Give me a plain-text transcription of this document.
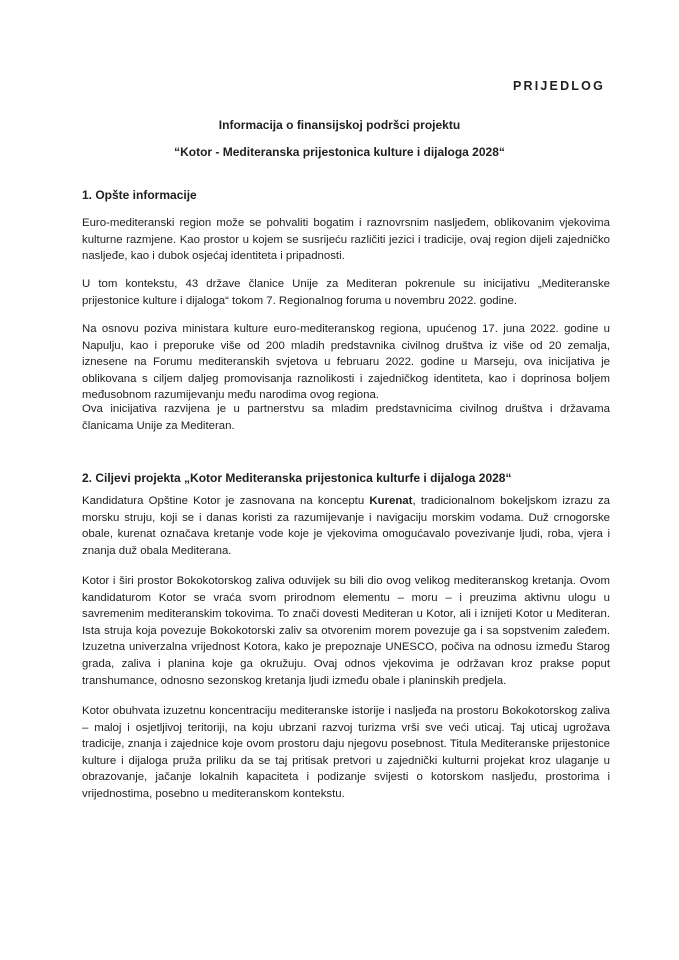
PRIJEDLOG
Informacija o finansijskoj podršci projektu
“Kotor - Mediteranska prijestonica kulture i dijaloga 2028“
1. Opšte informacije

Euro-mediteranski region može se pohvaliti bogatim i raznovrsnim nasljeđem, oblikovanim vjekovima kulturne razmjene. Kao prostor u kojem se susrijeću različiti jezici i tradicije, ovaj region dijeli zajedničko nasljeđe, kao i dubok osjećaj identiteta i pripadnosti.

U tom kontekstu, 43 države članice Unije za Mediteran pokrenule su inicijativu „Mediteranske prijestonice kulture i dijaloga“ tokom 7. Regionalnog foruma u novembru 2022. godine.

Na osnovu poziva ministara kulture euro-mediteranskog regiona, upućenog 17. juna 2022. godine u Napulju, kao i preporuke više od 200 mladih predstavnika civilnog društva iz više od 20 zemalja, iznesene na Forumu mediteranskih svjetova u februaru 2022. godine u Marseju, ova inicijativa je oblikovana s ciljem daljeg promovisanja raznolikosti i zajedničkog identiteta, kao i doprinosa boljem međusobnom razumijevanju među narodima ovog regiona.

Ova inicijativa razvijena je u partnerstvu sa mladim predstavnicima civilnog društva i državama članicama Unije za Mediteran.

2. Ciljevi projekta „Kotor Mediteranska prijestonica kulturfe i dijaloga 2028“

Kandidatura Opštine Kotor je zasnovana na konceptu Kurenat, tradicionalnom bokeljskom izrazu za morsku struju, koji se i danas koristi za razumijevanje i navigaciju morskim vodama. Duž crnogorske obale, kurenat označava kretanje vode koje je vjekovima omogućavalo povezivanje ljudi, roba, vjera i znanja duž obala Mediterana.

Kotor i širi prostor Bokokotorskog zaliva oduvijek su bili dio ovog velikog mediteranskog kretanja. Ovom kandidaturom Kotor se vraća svom prirodnom elementu – moru – i preuzima aktivnu ulogu u savremenim mediteranskim tokovima. To znači dovesti Mediteran u Kotor, ali i iznijeti Kotor u Mediteran. Ista struja koja povezuje Bokokotorski zaliv sa otvorenim morem povezuje ga i sa sopstvenim zaleđem. Izuzetna univerzalna vrijednost Kotora, kako je prepoznaje UNESCO, počiva na odnosu između Starog grada, zaliva i planina koje ga okružuju. Ovaj odnos vjekovima je održavan kroz prakse poput transhumance, odnosno sezonskog kretanja ljudi između obale i planinskih predjela.

Kotor obuhvata izuzetnu koncentraciju mediteranske istorije i nasljeđa na prostoru Bokokotorskog zaliva – maloj i osjetljivoj teritoriji, na koju ubrzani razvoj turizma vrši sve veći uticaj. Taj uticaj ugrožava tradicije, znanja i zajednice koje ovom prostoru daju njegovu posebnost. Titula Mediteranske prijestonice kulture i dijaloga pruža priliku da se taj pritisak pretvori u zajednički kulturni projekat kroz ulaganje u obrazovanje, jačanje lokalnih kapaciteta i podizanje svijesti o kotorskom nasljeđu, prostorima i vrijednostima, posebno u mediteranskom kontekstu.
